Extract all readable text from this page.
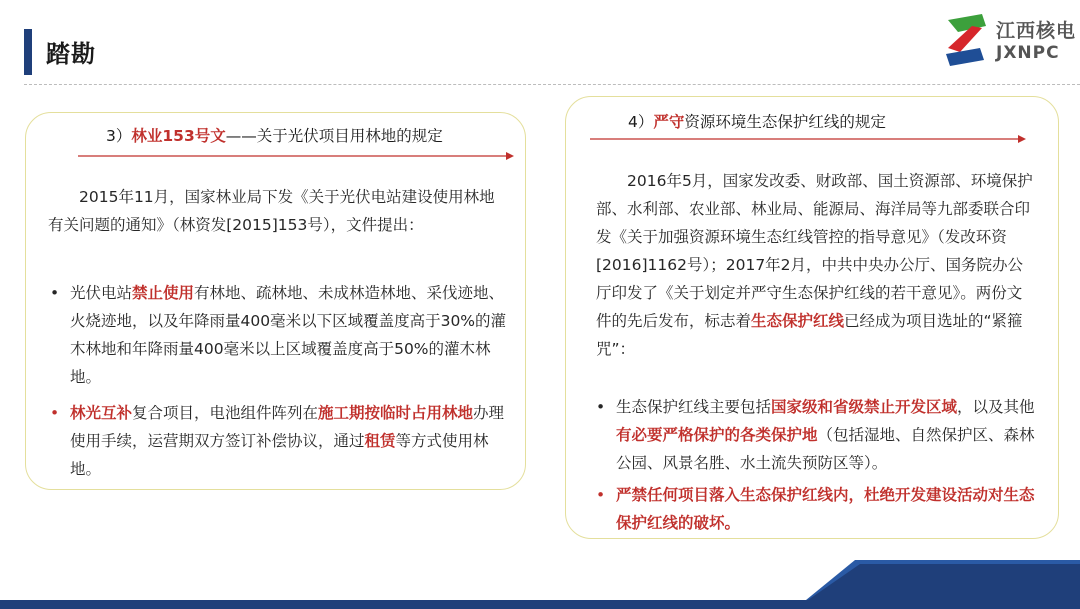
踏勘
江西核电
JXNPC
3）林业153号文——关于光伏项目用林地的规定
2015年11月，国家林业局下发《关于光伏电站建设使用林地有关问题的通知》（林资发[2015]153号），文件提出：
• 光伏电站禁止使用有林地、疏林地、未成林造林地、采伐迹地、火烧迹地，以及年降雨量400毫米以下区域覆盖度高于30%的灌木林地和年降雨量400毫米以上区域覆盖度高于50%的灌木林地。
• 林光互补复合项目，电池组件阵列在施工期按临时占用林地办理使用手续，运营期双方签订补偿协议，通过租赁等方式使用林地。
4）严守资源环境生态保护红线的规定
2016年5月，国家发改委、财政部、国土资源部、环境保护部、水利部、农业部、林业局、能源局、海洋局等九部委联合印发《关于加强资源环境生态红线管控的指导意见》（发改环资[2016]1162号）；2017年2月，中共中央办公厅、国务院办公厅印发了《关于划定并严守生态保护红线的若干意见》。两份文件的先后发布，标志着生态保护红线已经成为项目选址的“紧箍咒”：
• 生态保护红线主要包括国家级和省级禁止开发区域，以及其他有必要严格保护的各类保护地（包括湿地、自然保护区、森林公园、风景名胜、水土流失预防区等）。
• 严禁任何项目落入生态保护红线内，杜绝开发建设活动对生态保护红线的破坏。
